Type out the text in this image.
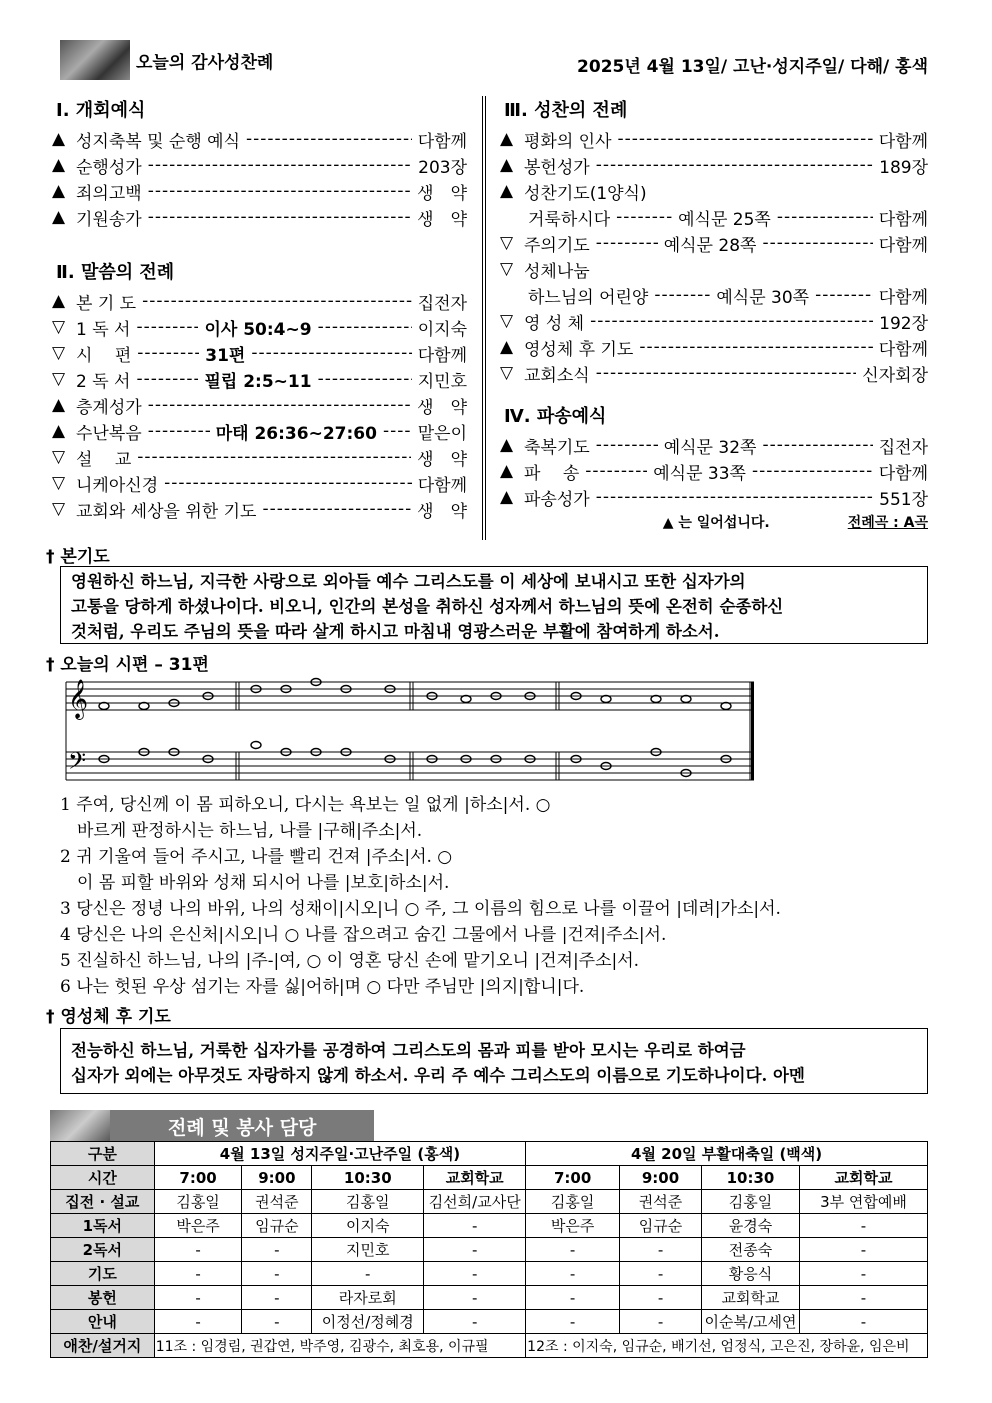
오늘의 감사성찬례	2025년 4월 13일/ 고난·성지주일/ 다해/ 홍색
Ⅰ. 개회예식
▲ 성지축복 및 순행 예식 -----	다함께
▲ 순행성가 -----	203장
▲ 죄의고백 -----	생　약
▲ 기원송가 -----	생　약
Ⅱ. 말씀의 전례
▲ 본 기 도 -----	집전자
▽ 1 독 서 -----	이사 50:4~9 -----	이지숙
▽ 시　 편 -----	31편 -----	다함께
▽ 2 독 서 -----	필립 2:5~11 -----	지민호
▲ 층계성가 -----	생　약
▲ 수난복음 -----	마태 26:36~27:60 ----- 맡은이
▽ 설　 교 -----	생　약
▽ 니케아신경 -----	다함께
▽ 교회와 세상을 위한 기도 -----	생　약
Ⅲ. 성찬의 전례
▲ 평화의 인사 -----	다함께
▲ 봉헌성가 -----	189장
▲ 성찬기도(1양식)
거룩하시다 -----	예식문 25쪽 -----	다함께
▽ 주의기도 -----	예식문 28쪽 -----	다함께
▽ 성체나눔
하느님의 어린양 -----	예식문 30쪽 -----	다함께
▽ 영 성 체 -----	192장
▲ 영성체 후 기도 -----	다함께
▽ 교회소식 -----	신자회장
Ⅳ. 파송예식
▲ 축복기도 -----	예식문 32쪽 -----	집전자
▲ 파　 송 -----	예식문 33쪽 -----	다함께
▲ 파송성가 -----	551장
▲ 는 일어섭니다.	전례곡 : A곡
† 본기도
영원하신 하느님, 지극한 사랑으로 외아들 예수 그리스도를 이 세상에 보내시고 또한 십자가의
고통을 당하게 하셨나이다. 비오니, 인간의 본성을 취하신 성자께서 하느님의 뜻에 온전히 순종하신
것처럼, 우리도 주님의 뜻을 따라 살게 하시고 마침내 영광스러운 부활에 참여하게 하소서.
† 오늘의 시편 – 31편
𝄞
𝄢
1 주여, 당신께 이 몸 피하오니, 다시는 욕보는 일 없게 |하소|서. ○
　바르게 판정하시는 하느님, 나를 |구해|주소|서.
2 귀 기울여 들어 주시고, 나를 빨리 건져 |주소|서. ○
　이 몸 피할 바위와 성채 되시어 나를 |보호|하소|서.
3 당신은 정녕 나의 바위, 나의 성채이|시오|니 ○ 주, 그 이름의 힘으로 나를 이끌어 |데려|가소|서.
4 당신은 나의 은신처|시오|니 ○ 나를 잡으려고 숨긴 그물에서 나를 |건져|주소|서.
5 진실하신 하느님, 나의 |주-|여, ○ 이 영혼 당신 손에 맡기오니 |건져|주소|서.
6 나는 헛된 우상 섬기는 자를 싫|어하|며 ○ 다만 주님만 |의지|합니|다.
† 영성체 후 기도
전능하신 하느님, 거룩한 십자가를 공경하여 그리스도의 몸과 피를 받아 모시는 우리로 하여금
십자가 외에는 아무것도 자랑하지 않게 하소서. 우리 주 예수 그리스도의 이름으로 기도하나이다. 아멘
전례 및 봉사 담당
구분	4월 13일 성지주일·고난주일 (홍색)				4월 20일 부활대축일 (백색)			
시간	7:00	9:00	10:30	교회학교	7:00	9:00	10:30	교회학교
집전 · 설교	김홍일	권석준	김홍일	김선희/교사단	김홍일	권석준	김홍일	3부 연합예배
1독서	박은주	임규순	이지숙	-	박은주	임규순	윤경숙	-
2독서	-	-	지민호	-	-	-	전종숙	-
기도	-	-	-	-	-	-	황응식	-
봉헌	-	-	라자로회	-	-	-	교회학교	-
안내	-	-	이정선/정혜경	-	-	-	이순복/고세연	-
애찬/설거지	11조 : 임경림, 권갑연, 박주영, 김광수, 최호용, 이규필				12조 : 이지숙, 임규순, 배기선, 엄정식, 고은진, 장하윤, 임은비			
